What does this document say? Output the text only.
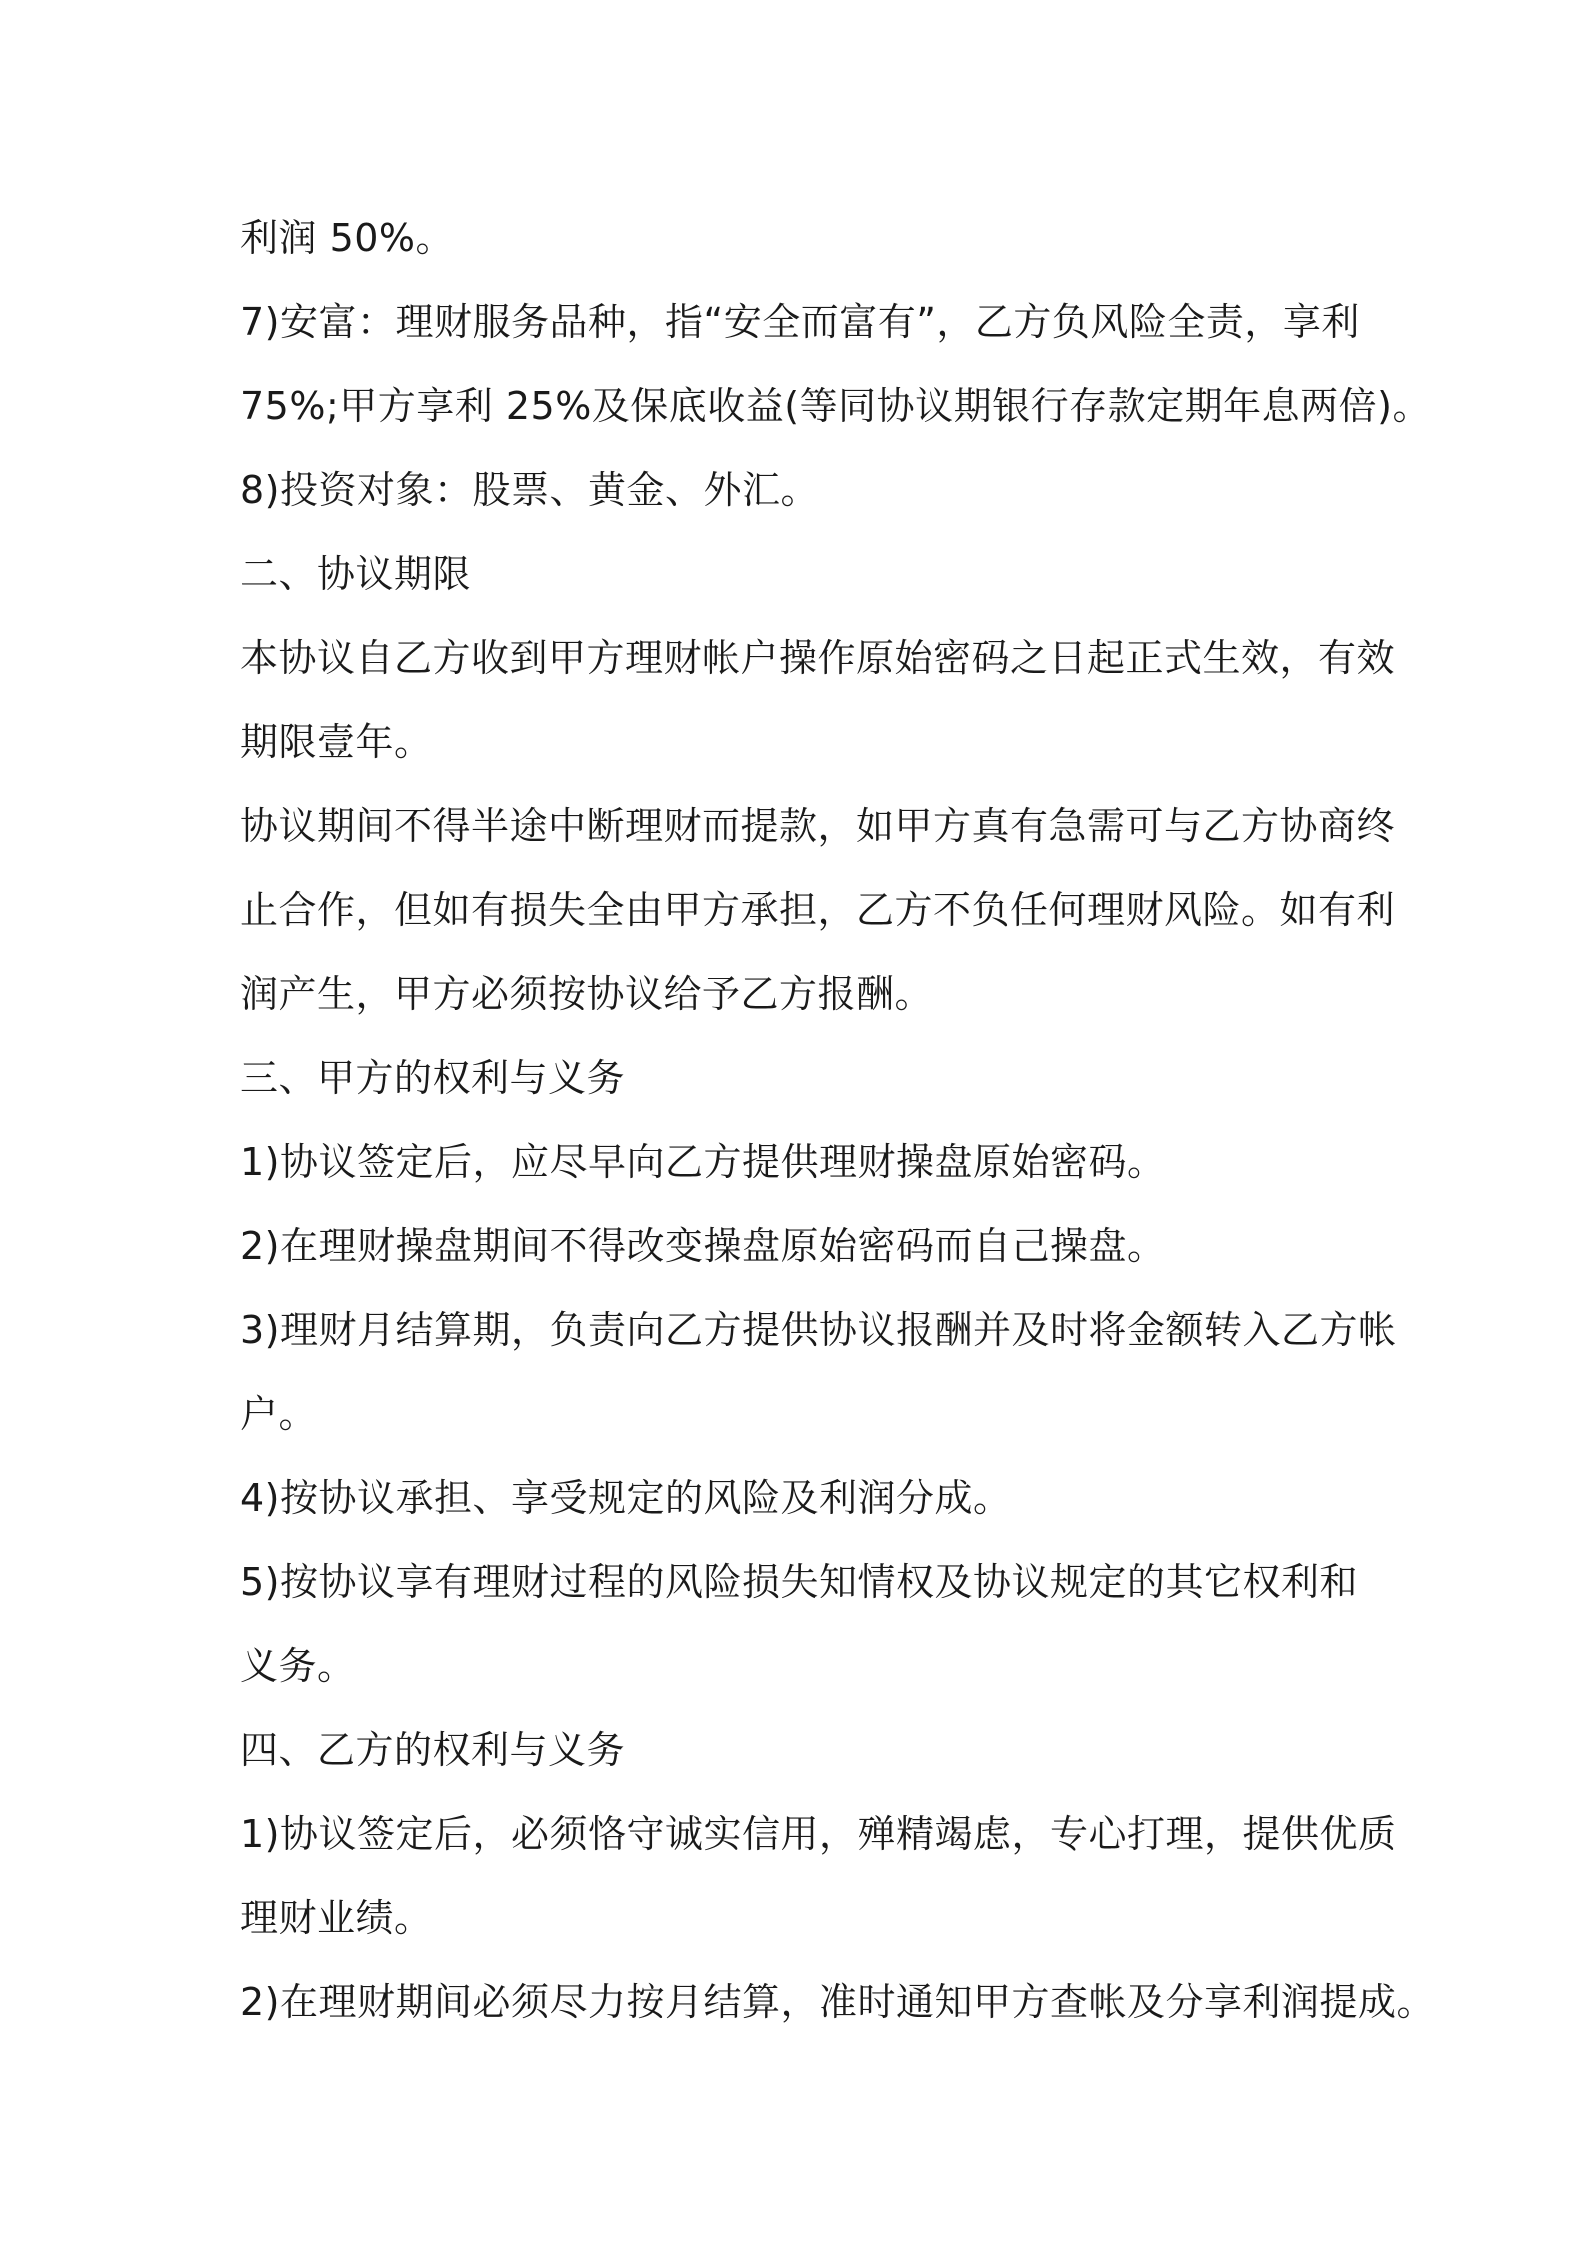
利润 50%。
7)安富：理财服务品种，指“安全而富有”，乙方负风险全责，享利
75%;甲方享利 25%及保底收益(等同协议期银行存款定期年息两倍)。
8)投资对象：股票、黄金、外汇。
二、协议期限
本协议自乙方收到甲方理财帐户操作原始密码之日起正式生效，有效
期限壹年。
协议期间不得半途中断理财而提款，如甲方真有急需可与乙方协商终
止合作，但如有损失全由甲方承担，乙方不负任何理财风险。如有利
润产生，甲方必须按协议给予乙方报酬。
三、甲方的权利与义务
1)协议签定后，应尽早向乙方提供理财操盘原始密码。
2)在理财操盘期间不得改变操盘原始密码而自己操盘。
3)理财月结算期，负责向乙方提供协议报酬并及时将金额转入乙方帐
户。
4)按协议承担、享受规定的风险及利润分成。
5)按协议享有理财过程的风险损失知情权及协议规定的其它权利和
义务。
四、乙方的权利与义务
1)协议签定后，必须恪守诚实信用，殚精竭虑，专心打理，提供优质
理财业绩。
2)在理财期间必须尽力按月结算，准时通知甲方查帐及分享利润提成。
